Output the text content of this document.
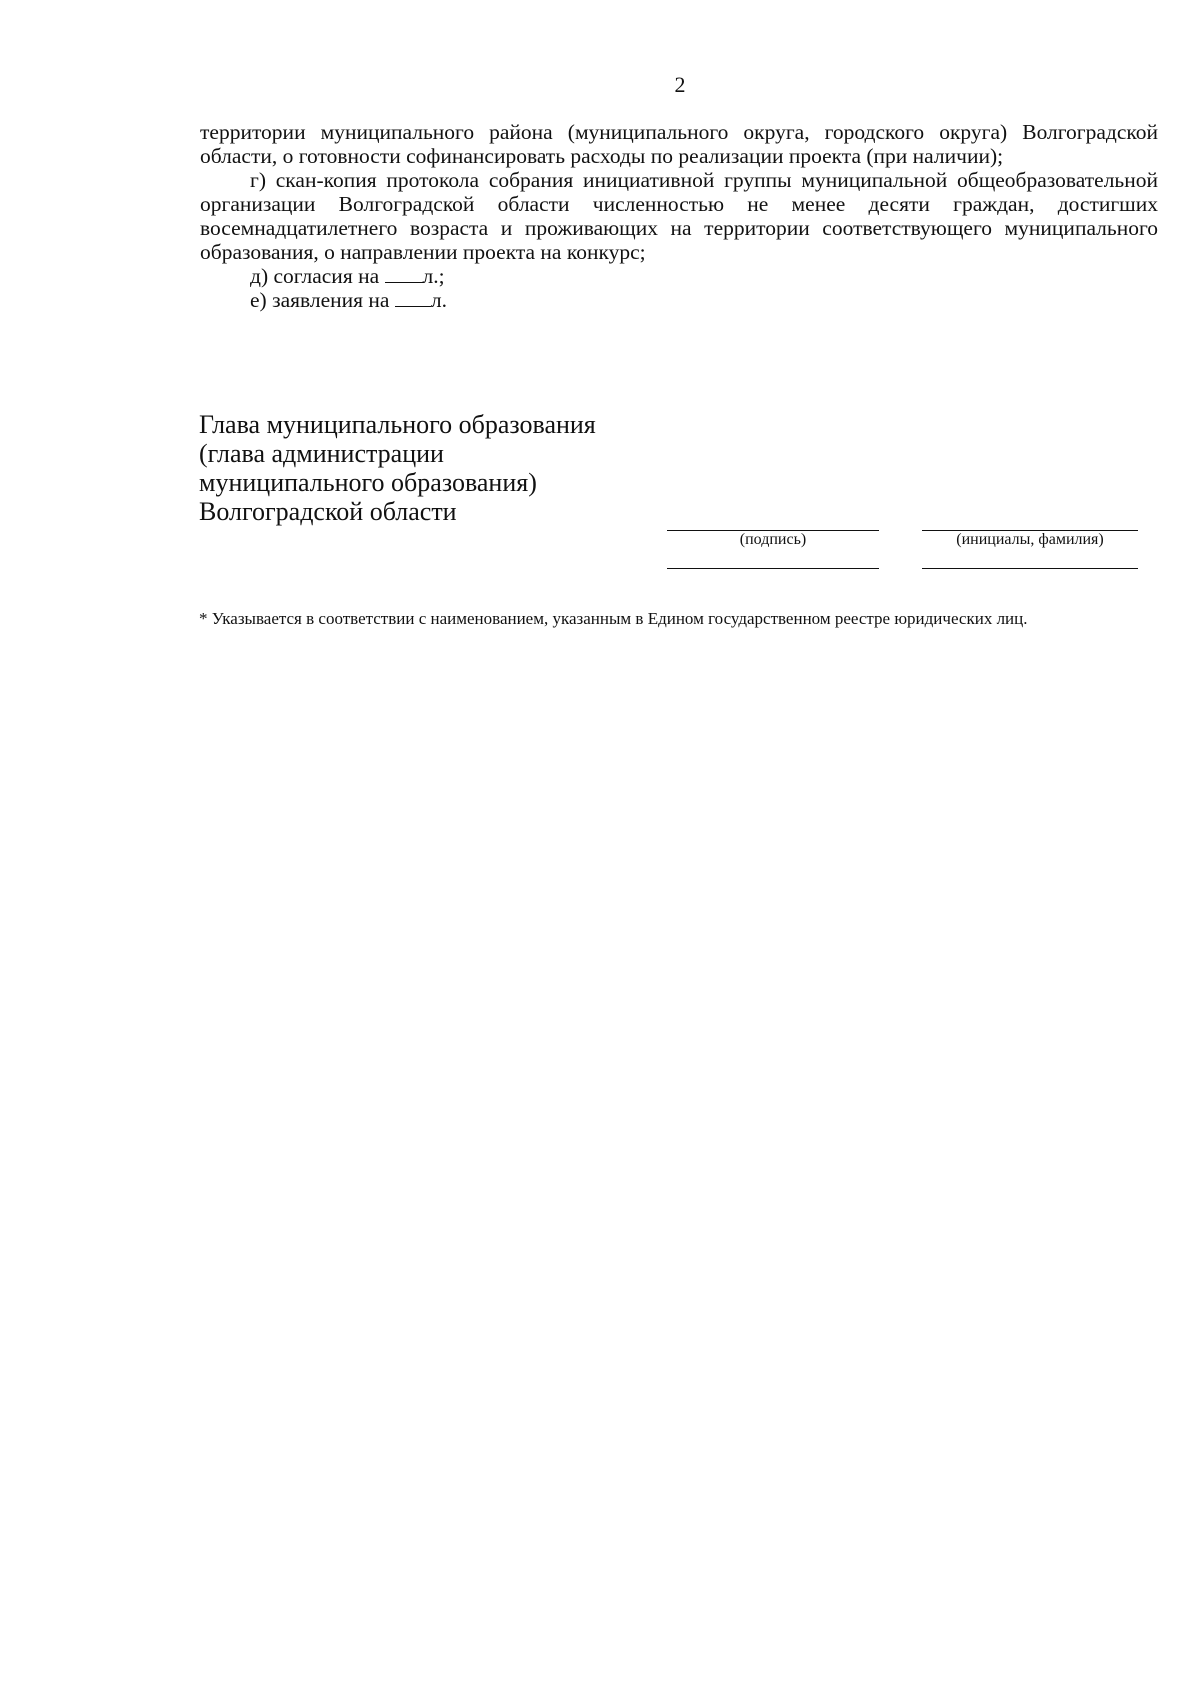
2

территории муниципального района (муниципального округа, городского округа) Волгоградской области, о готовности софинансировать расходы по реализации проекта (при наличии);

г) скан-копия протокола собрания инициативной группы муниципальной общеобразовательной организации Волгоградской области численностью не менее десяти граждан, достигших восемнадцатилетнего возраста и проживающих на территории соответствующего муниципального образования, о направлении проекта на конкурс;

д) согласия на л.;

е) заявления на л.

Глава муниципального образования
(глава администрации
муниципального образования)
Волгоградской области
(подпись)	(инициалы, фамилия)
* Указывается в соответствии с наименованием, указанным в Едином государственном реестре юридических лиц.
